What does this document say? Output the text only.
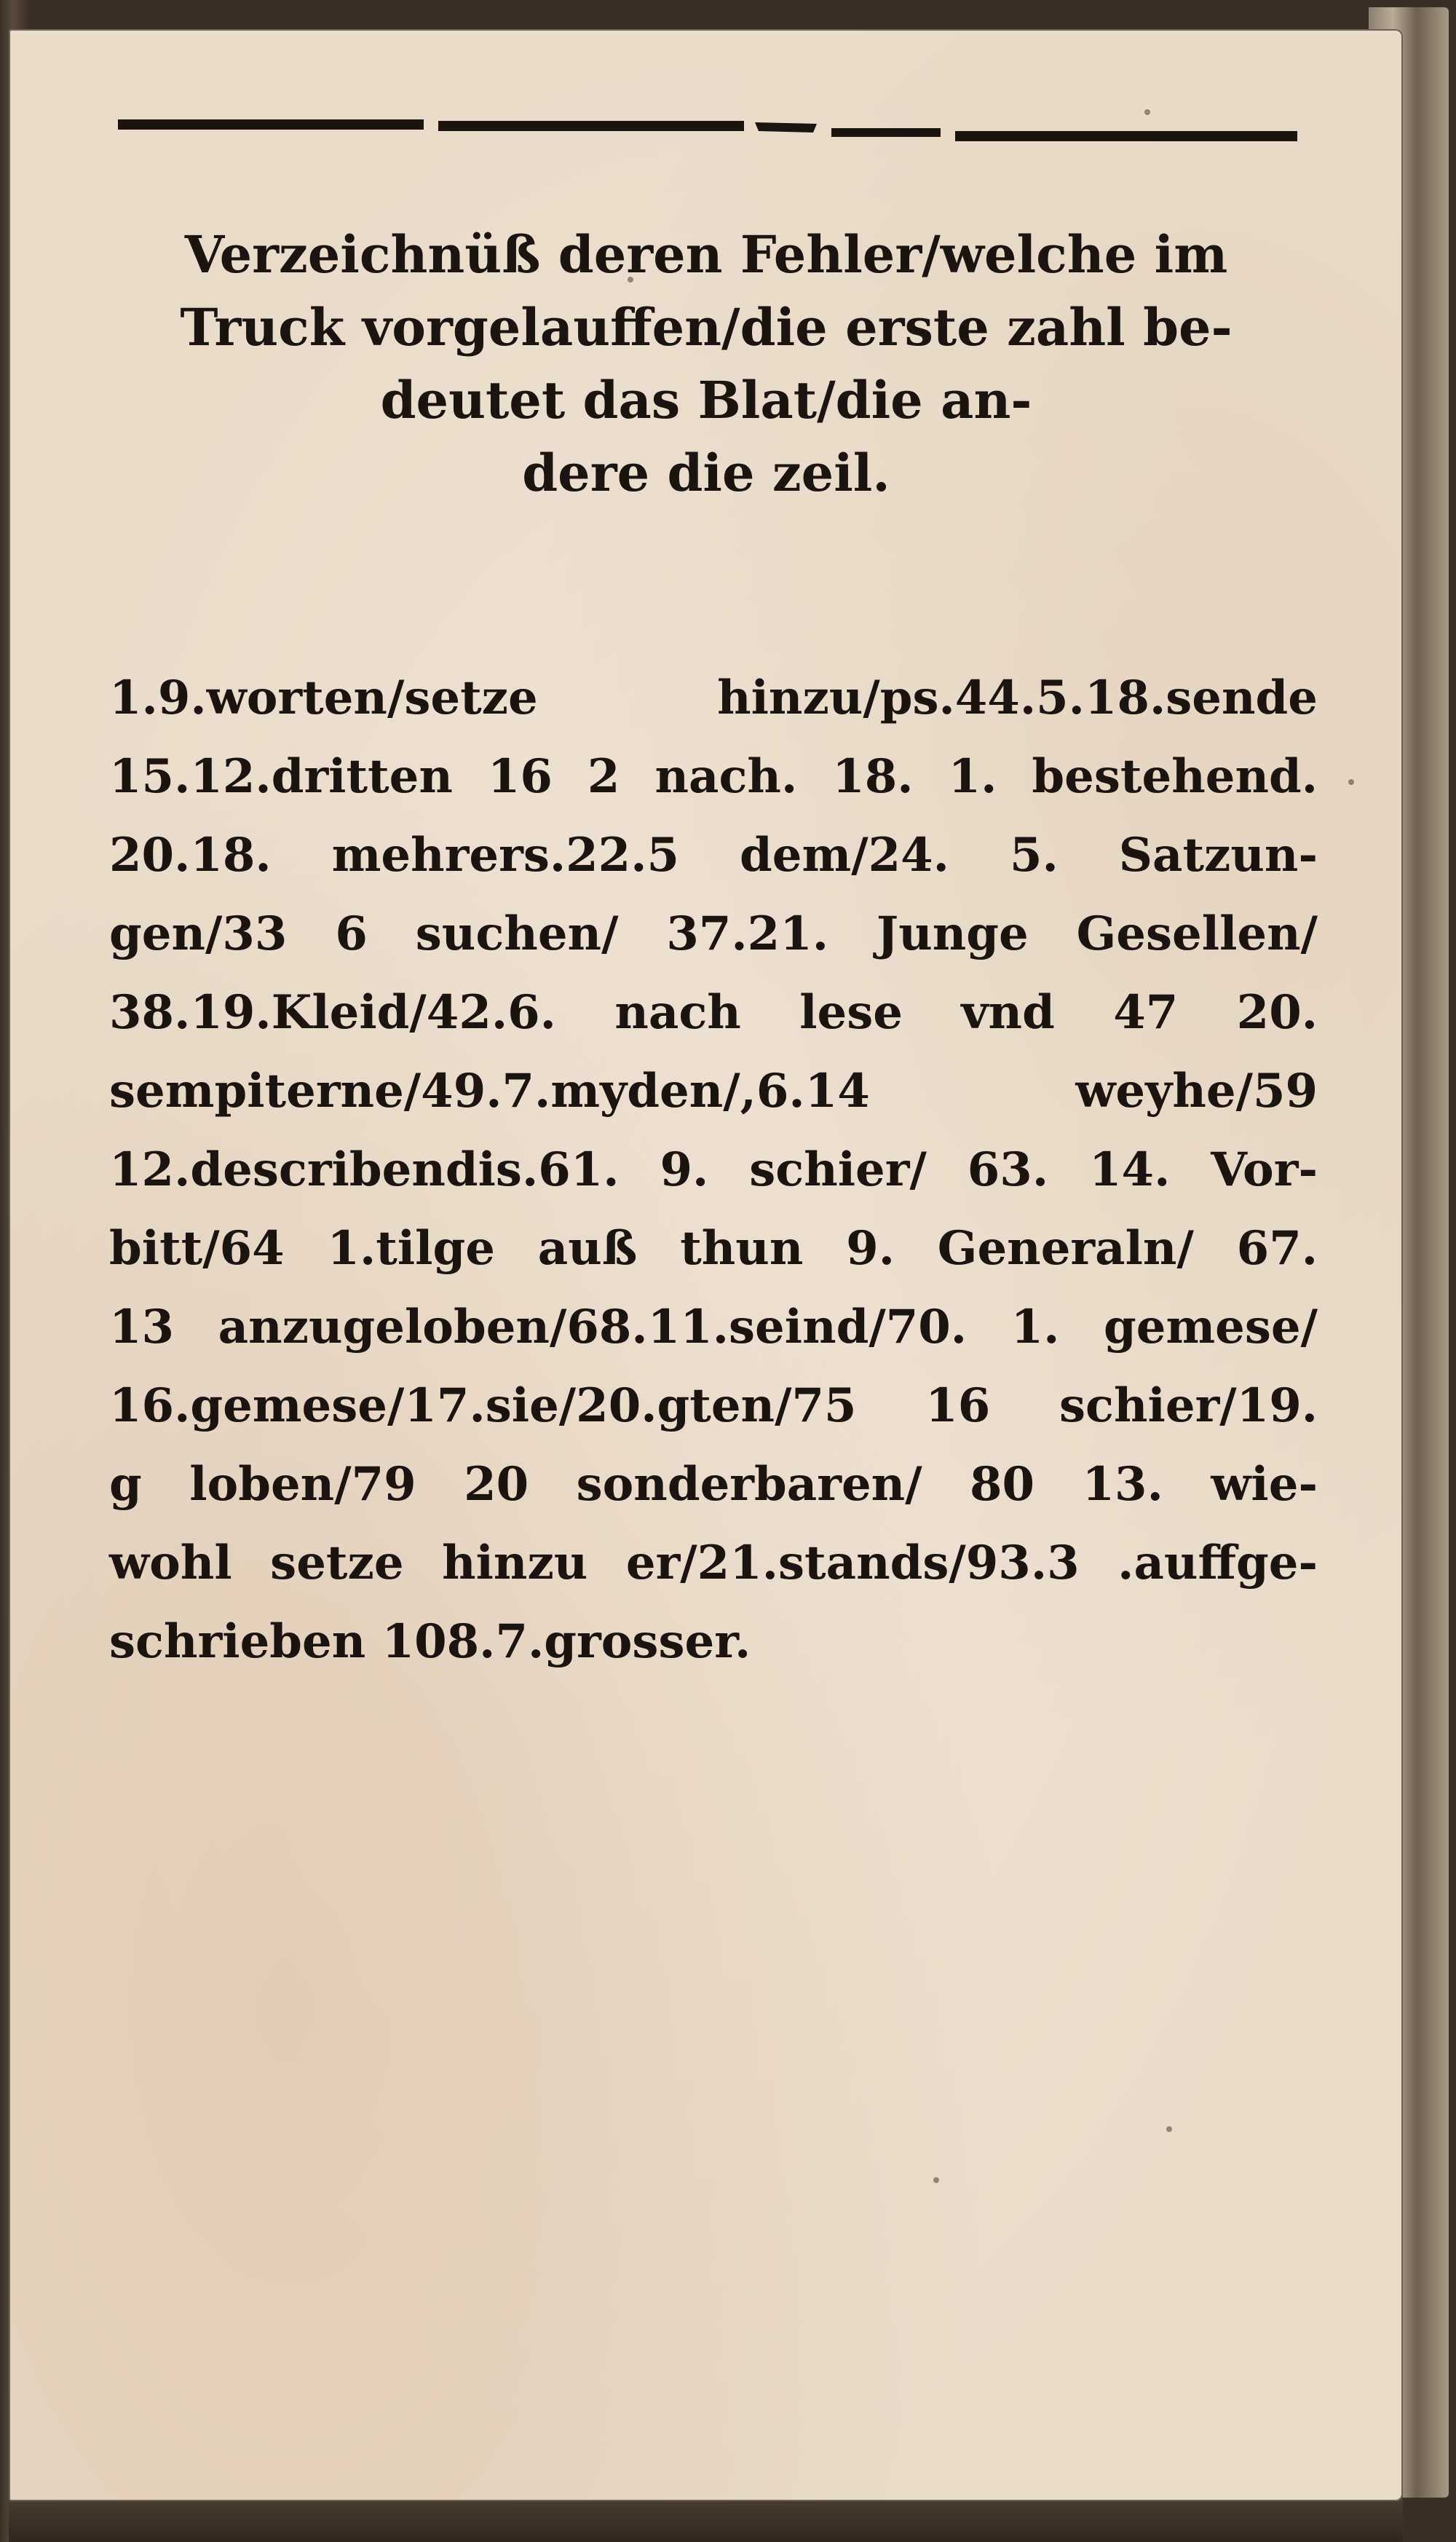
Verzeichnüß deren Fehler/welche im
Truck vorgelauffen/die erste zahl be-
deutet das Blat/die an-
dere die zeil.
1.9.worten/setze hinzu/ps.44.5.18.sende
15.12.dritten 16 2 nach. 18. 1. bestehend.
20.18. mehrers.22.5 dem/24. 5. Satzun-
gen/33 6 suchen/ 37.21. Junge Gesellen/
38.19.Kleid/42.6. nach lese vnd 47 20.
sempiterne/49.7.myden/,6.14 weyhe/59
12.describendis.61. 9. schier/ 63. 14. Vor-
bitt/64 1.tilge auß thun 9. Generaln/ 67.
13 anzugeloben/68.11.seind/70. 1. gemese/
16.gemese/17.sie/20.gten/75 16 schier/19.
g loben/79 20 sonderbaren/ 80 13. wie-
wohl setze hinzu er/21.stands/93.3 .auffge-
schrieben 108.7.grosser.
